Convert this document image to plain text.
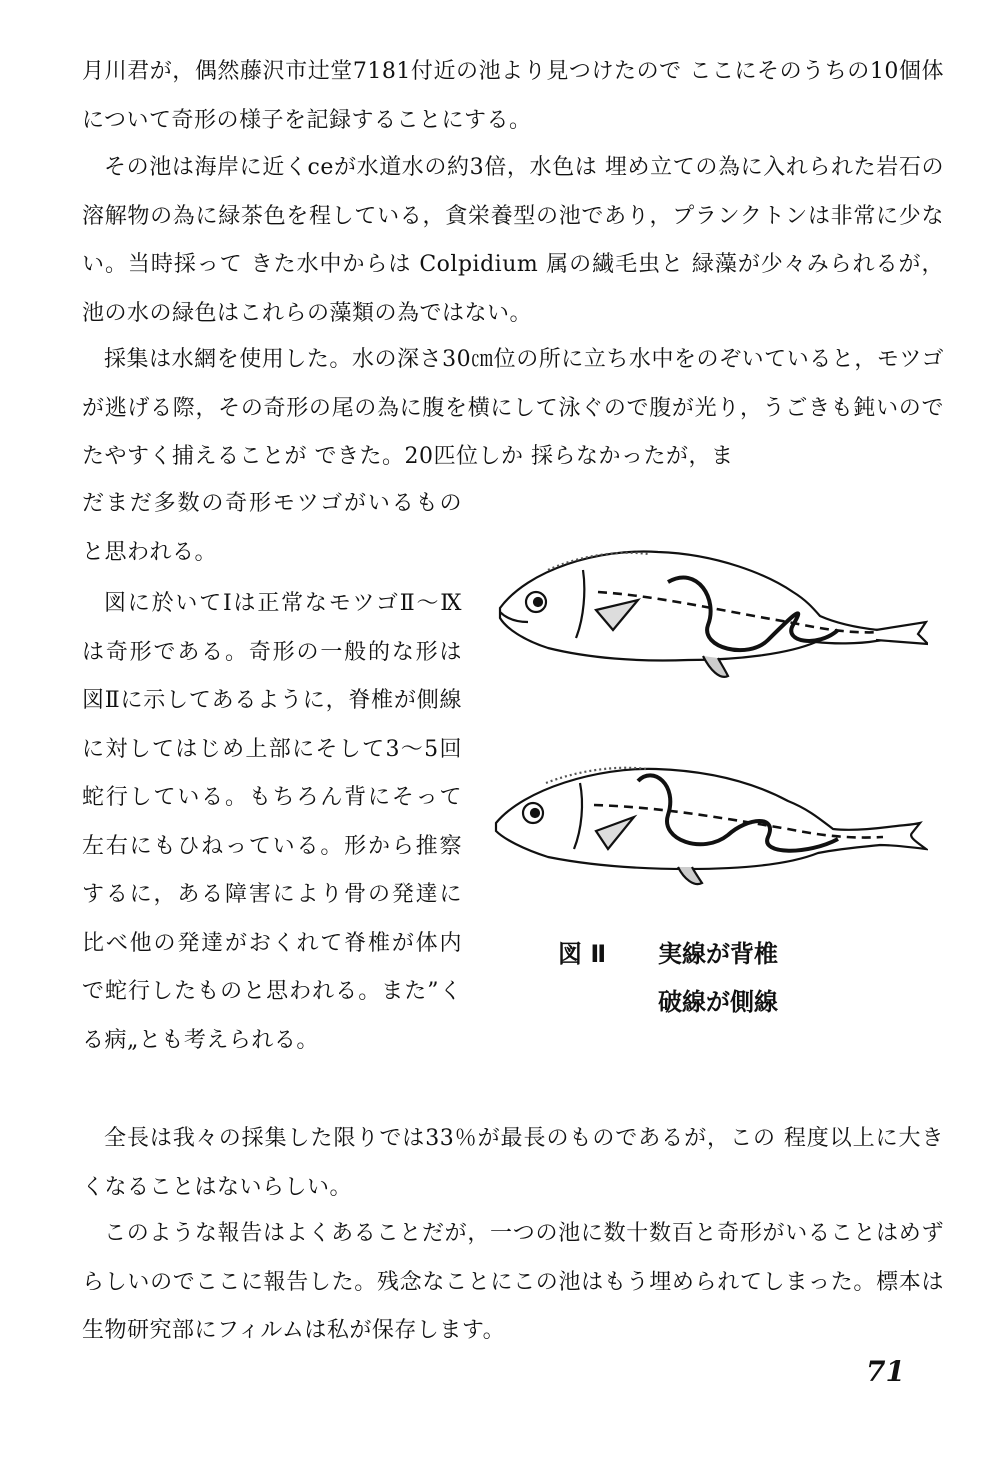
月川君が，偶然藤沢市辻堂7181付近の池より見つけたので ここにそのうちの10個体について奇形の様子を記録することにする。

その池は海岸に近くceが水道水の約3倍，水色は 埋め立ての為に入れられた岩石の溶解物の為に緑茶色を程している，貪栄養型の池であり，プランクトンは非常に少ない。当時採って きた水中からは Colpidium 属の繊毛虫と 緑藻が少々みられるが，池の水の緑色はこれらの藻類の為ではない。

採集は水網を使用した。水の深さ30㎝位の所に立ち水中をのぞいていると，モツゴが逃げる際，その奇形の尾の為に腹を横にして泳ぐので腹が光り，うごきも鈍いので たやすく捕えることが できた。20匹位しか 採らなかったが，ま

だまだ多数の奇形モツゴがいるものと思われる。

図に於いてⅠは正常なモツゴⅡ～Ⅸは奇形である。奇形の一般的な形は図Ⅱに示してあるように，脊椎が側線に対してはじめ上部にそして3～5回蛇行している。もちろん背にそって左右にもひねっている。形から推察するに，ある障害により骨の発達に比べ他の発達がおくれて脊椎が体内で蛇行したものと思われる。また”くる病„とも考えられる。

図 Ⅱ 実線が背椎
破線が側線

全長は我々の採集した限りでは33％が最長のものであるが，この 程度以上に大きくなることはないらしい。

このような報告はよくあることだが，一つの池に数十数百と奇形がいることはめずらしいのでここに報告した。残念なことにこの池はもう埋められてしまった。標本は生物研究部にフィルムは私が保存します。

71
